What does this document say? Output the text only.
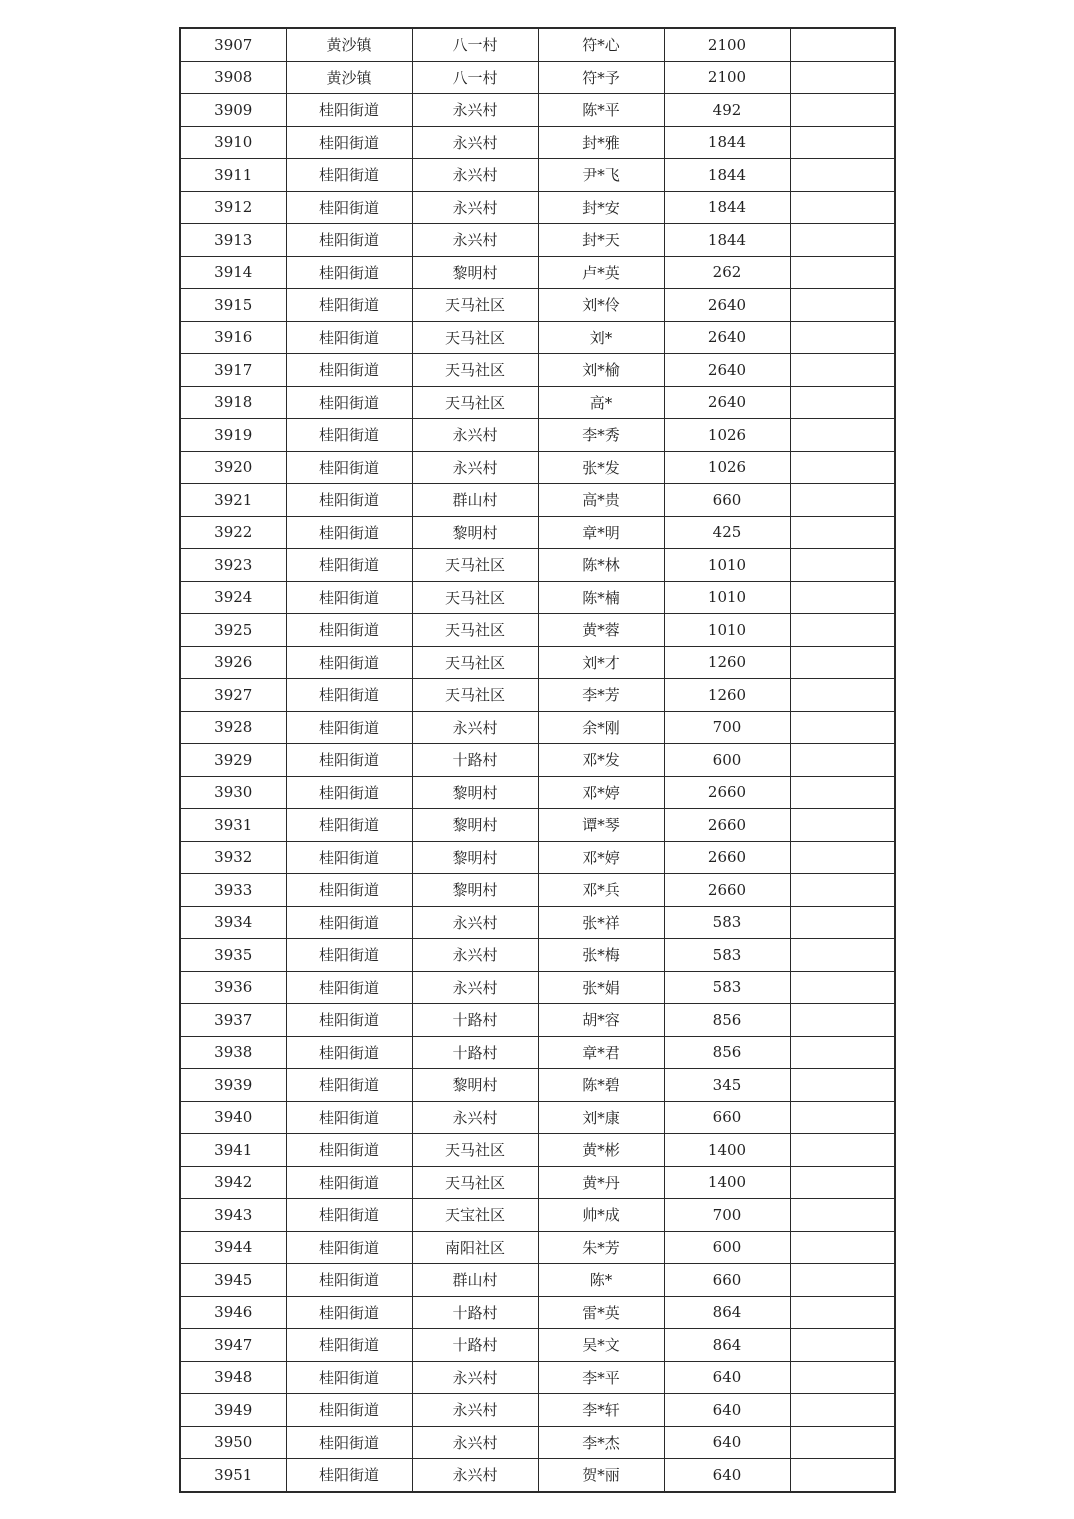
3907	黄沙镇	八一村	符*心	2100	
3908	黄沙镇	八一村	符*予	2100	
3909	桂阳街道	永兴村	陈*平	492	
3910	桂阳街道	永兴村	封*雅	1844	
3911	桂阳街道	永兴村	尹*飞	1844	
3912	桂阳街道	永兴村	封*安	1844	
3913	桂阳街道	永兴村	封*天	1844	
3914	桂阳街道	黎明村	卢*英	262	
3915	桂阳街道	天马社区	刘*伶	2640	
3916	桂阳街道	天马社区	刘*	2640	
3917	桂阳街道	天马社区	刘*榆	2640	
3918	桂阳街道	天马社区	高*	2640	
3919	桂阳街道	永兴村	李*秀	1026	
3920	桂阳街道	永兴村	张*发	1026	
3921	桂阳街道	群山村	高*贵	660	
3922	桂阳街道	黎明村	章*明	425	
3923	桂阳街道	天马社区	陈*林	1010	
3924	桂阳街道	天马社区	陈*楠	1010	
3925	桂阳街道	天马社区	黄*蓉	1010	
3926	桂阳街道	天马社区	刘*才	1260	
3927	桂阳街道	天马社区	李*芳	1260	
3928	桂阳街道	永兴村	余*刚	700	
3929	桂阳街道	十路村	邓*发	600	
3930	桂阳街道	黎明村	邓*婷	2660	
3931	桂阳街道	黎明村	谭*琴	2660	
3932	桂阳街道	黎明村	邓*婷	2660	
3933	桂阳街道	黎明村	邓*兵	2660	
3934	桂阳街道	永兴村	张*祥	583	
3935	桂阳街道	永兴村	张*梅	583	
3936	桂阳街道	永兴村	张*娟	583	
3937	桂阳街道	十路村	胡*容	856	
3938	桂阳街道	十路村	章*君	856	
3939	桂阳街道	黎明村	陈*碧	345	
3940	桂阳街道	永兴村	刘*康	660	
3941	桂阳街道	天马社区	黄*彬	1400	
3942	桂阳街道	天马社区	黄*丹	1400	
3943	桂阳街道	天宝社区	帅*成	700	
3944	桂阳街道	南阳社区	朱*芳	600	
3945	桂阳街道	群山村	陈*	660	
3946	桂阳街道	十路村	雷*英	864	
3947	桂阳街道	十路村	吴*文	864	
3948	桂阳街道	永兴村	李*平	640	
3949	桂阳街道	永兴村	李*轩	640	
3950	桂阳街道	永兴村	李*杰	640	
3951	桂阳街道	永兴村	贺*丽	640	
